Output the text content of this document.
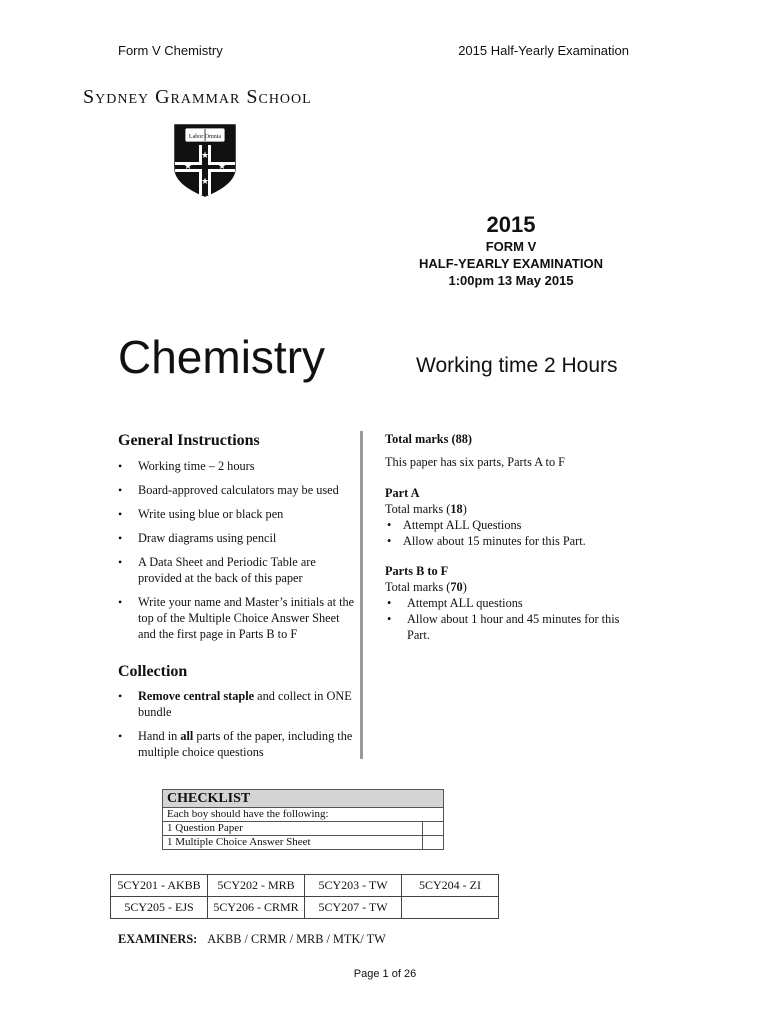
Form V Chemistry	2015 Half-Yearly Examination
Sydney Grammar School
Labor Omnia
★
★	★
★
2015
FORM V
HALF-YEARLY EXAMINATION
1:00pm 13 May 2015
Chemistry	Working time 2 Hours
General Instructions
• Working time – 2 hours
• Board-approved calculators may be used
• Write using blue or black pen
• Draw diagrams using pencil
• A Data Sheet and Periodic Table are provided at the back of this paper
• Write your name and Master’s initials at the top of the Multiple Choice Answer Sheet and the first page in Parts B to F
Collection
• Remove central staple and collect in ONE bundle
• Hand in all parts of the paper, including the multiple choice questions
Total marks (88)
This paper has six parts, Parts A to F
Part A
Total marks (18)
• Attempt ALL Questions
• Allow about 15 minutes for this Part.
Parts B to F
Total marks (70)
• Attempt ALL questions
• Allow about 1 hour and 45 minutes for this Part.
CHECKLIST	
Each boy should have the following:	
1 Question Paper	
1 Multiple Choice Answer Sheet	
5CY201 - AKBB	5CY202 - MRB	5CY203 - TW	5CY204 - ZI
5CY205 - EJS	5CY206 - CRMR	5CY207 - TW	
EXAMINERS: AKBB / CRMR / MRB / MTK/ TW
Page 1 of 26
